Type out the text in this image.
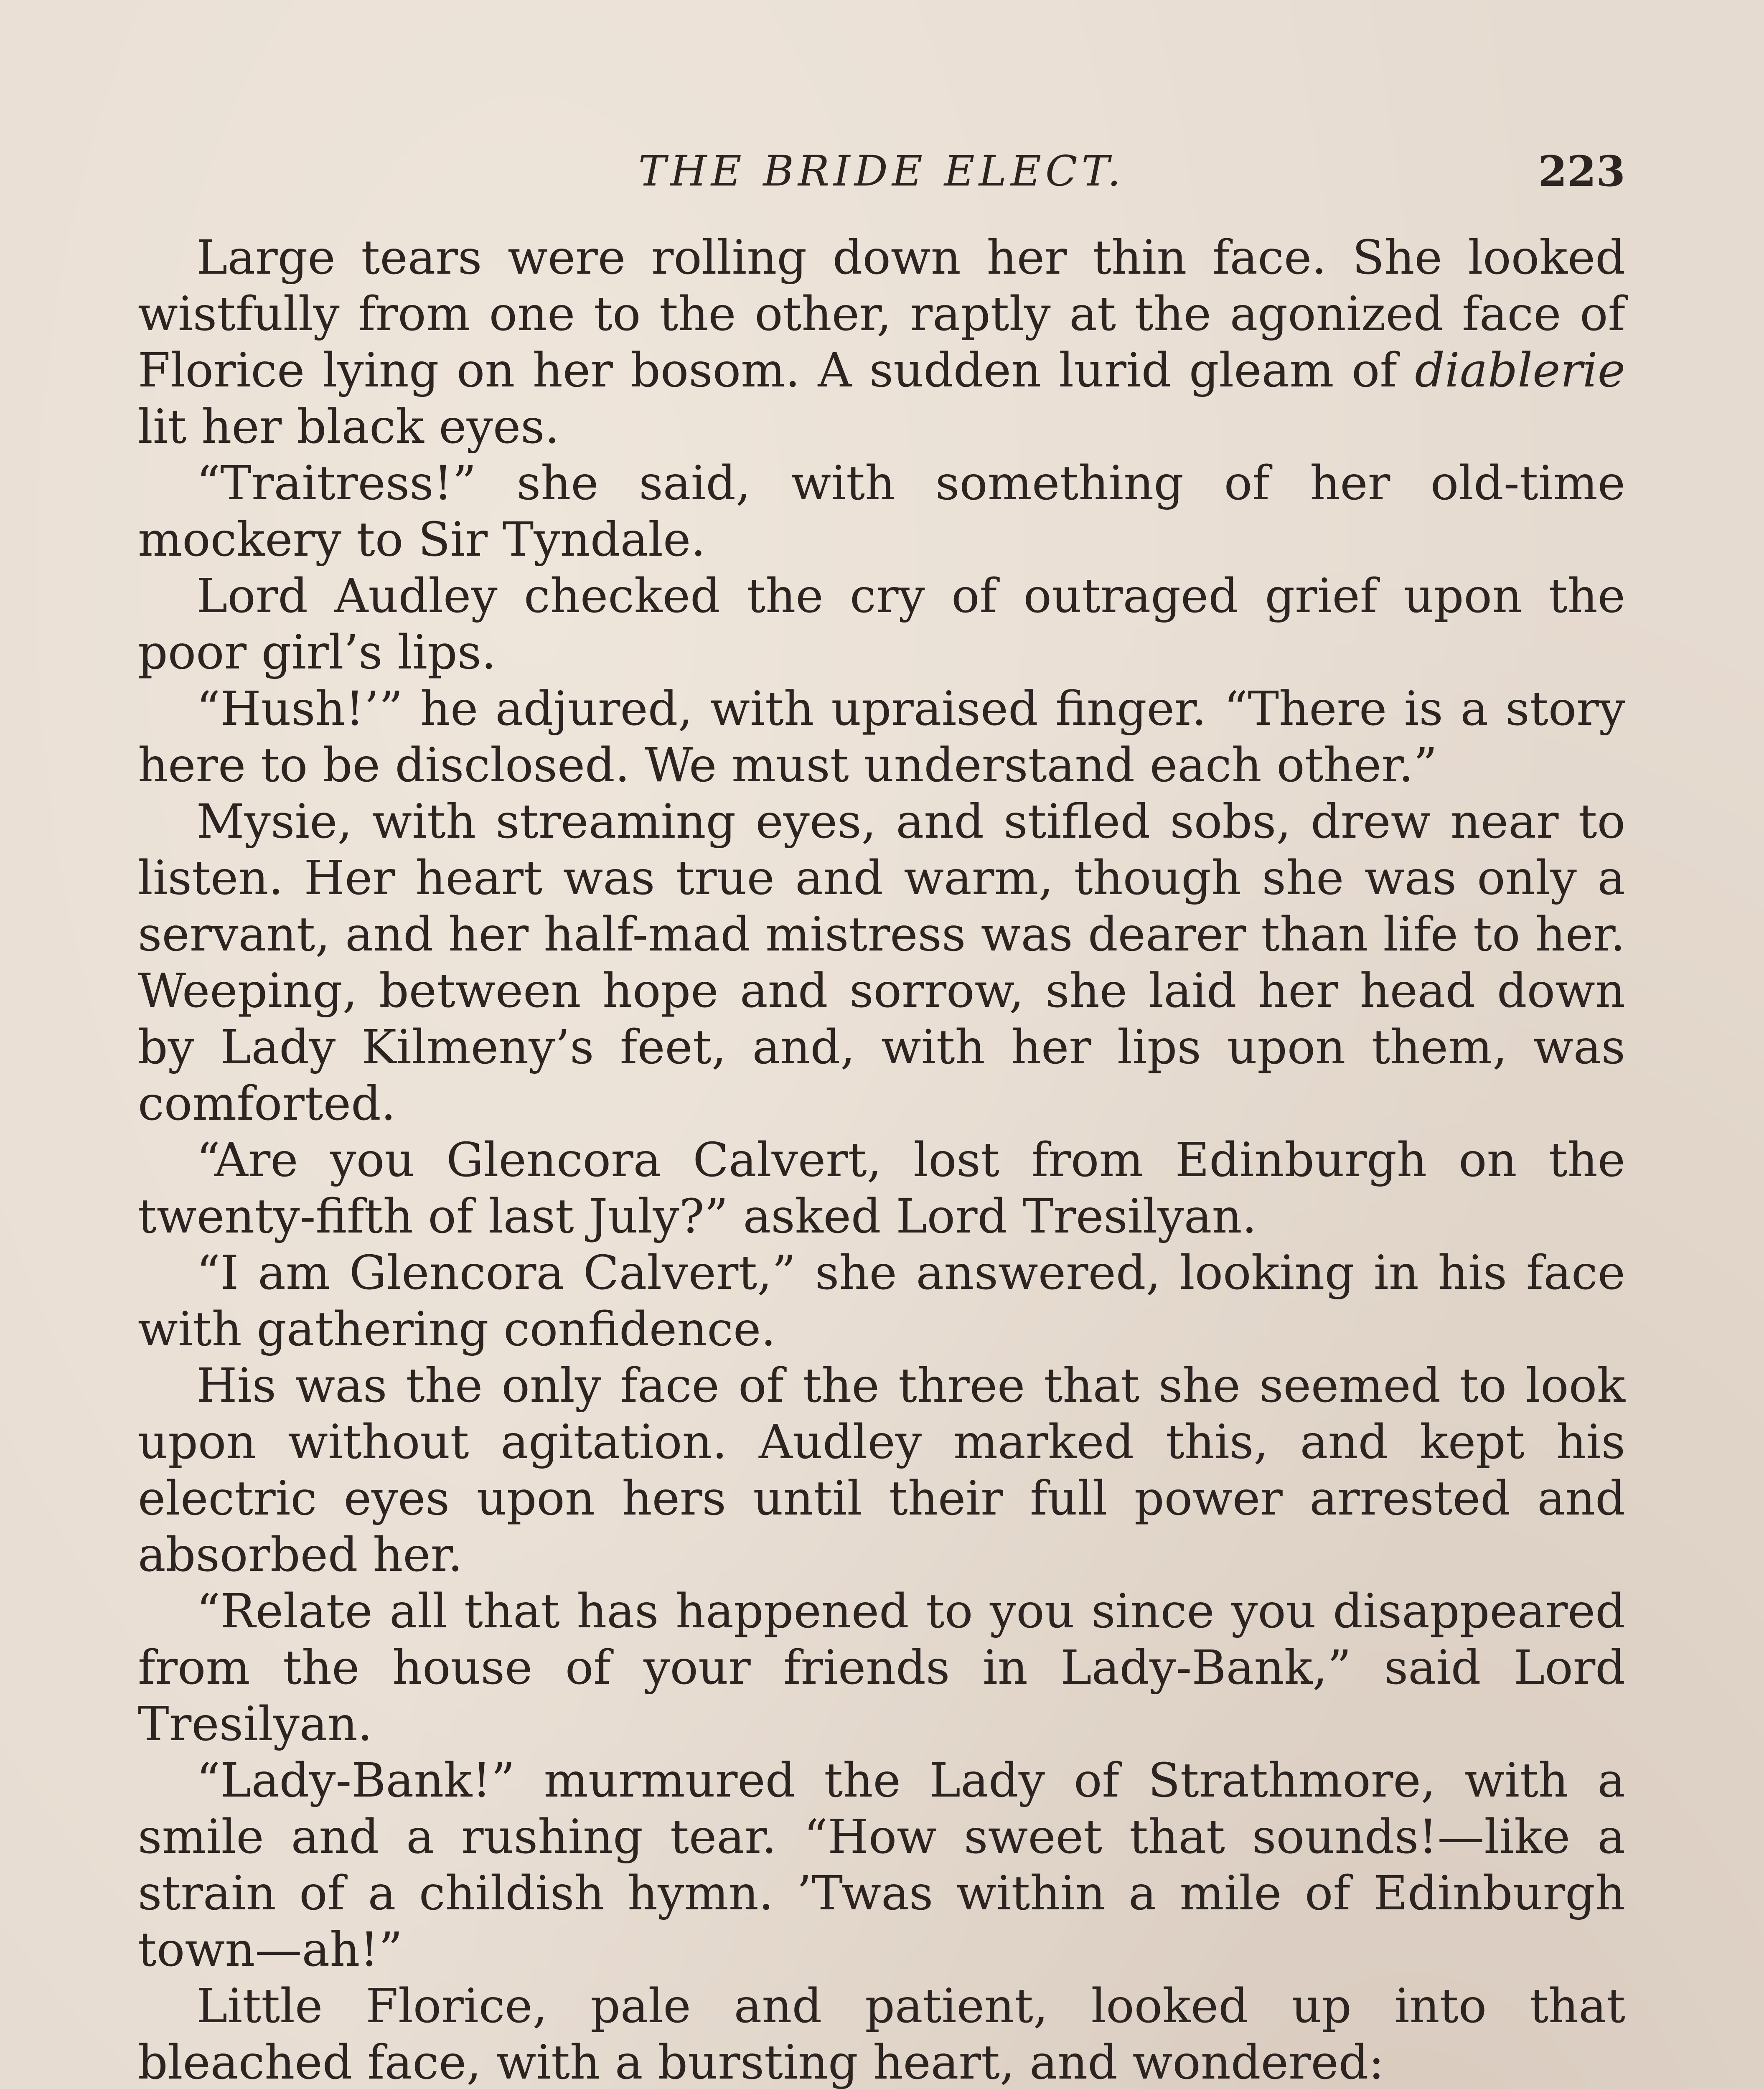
THE BRIDE ELECT.	223

Large tears were rolling down her thin face. She looked wistfully from one to the other, raptly at the agonized face of Florice lying on her bosom. A sudden lurid gleam of diablerie lit her black eyes.

“Traitress!” she said, with something of her old-time mockery to Sir Tyndale.

Lord Audley checked the cry of outraged grief upon the poor girl’s lips.

“Hush!’” he adjured, with upraised finger. “There is a story here to be disclosed. We must understand each other.”

Mysie, with streaming eyes, and stifled sobs, drew near to listen. Her heart was true and warm, though she was only a servant, and her half-mad mistress was dearer than life to her. Weeping, between hope and sorrow, she laid her head down by Lady Kilmeny’s feet, and, with her lips upon them, was comforted.

“Are you Glencora Calvert, lost from Edinburgh on the twenty-fifth of last July?” asked Lord Tresilyan.

“I am Glencora Calvert,” she answered, looking in his face with gathering confidence.

His was the only face of the three that she seemed to look upon without agitation. Audley marked this, and kept his electric eyes upon hers until their full power arrested and absorbed her.

“Relate all that has happened to you since you disappeared from the house of your friends in Lady-Bank,” said Lord Tresilyan.

“Lady-Bank!” murmured the Lady of Strathmore, with a smile and a rushing tear. “How sweet that sounds!—like a strain of a childish hymn. ’Twas within a mile of Edinburgh town—ah!”

Little Florice, pale and patient, looked up into that bleached face, with a bursting heart, and wondered:
